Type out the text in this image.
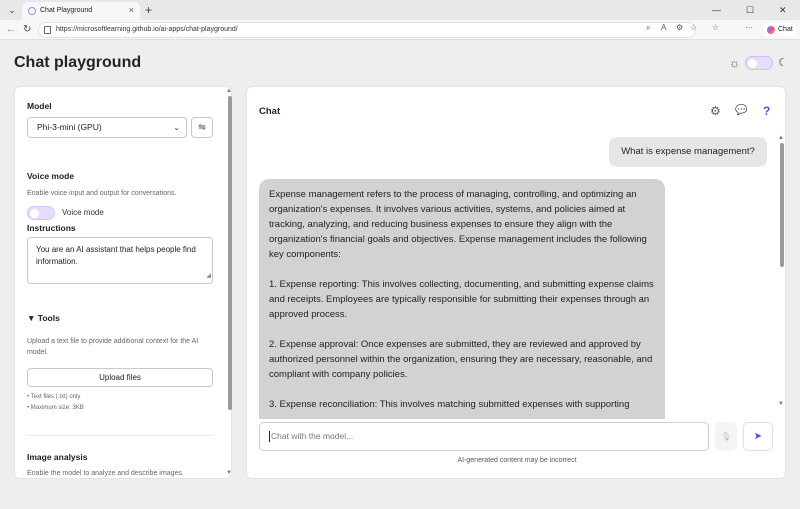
⌄	Chat Playground	× +	—	☐	✕
← ↻	https://microsoftlearning.github.io/ai-apps/chat-playground/	⌕ A ⚙ ☆ ☆	···	Chat
Chat playground	☼	☾
Model
Phi-3-mini (GPU)	⌄	⇋
Voice mode
Enable voice input and output for conversations.
Voice mode
Instructions
You are an AI assistant that helps people find information.
◢
▼ Tools
Upload a text file to provide additional context for the AI model.
Upload files
• Text files (.txt) only
• Maximum size: 3KB
Image analysis
Enable the model to analyze and describe images.
▲
▼
Chat	⚙ 💬 ?
What is expense management?

Expense management refers to the process of managing, controlling, and optimizing an organization's expenses. It involves various activities, systems, and policies aimed at tracking, analyzing, and reducing business expenses to ensure they align with the organization's financial goals and objectives. Expense management includes the following key components:

1. Expense reporting: This involves collecting, documenting, and submitting expense claims and receipts. Employees are typically responsible for submitting their expenses through an approved process.

2. Expense approval: Once expenses are submitted, they are reviewed and approved by authorized personnel within the organization, ensuring they are necessary, reasonable, and compliant with company policies.

3. Expense reconciliation: This involves matching submitted expenses with supporting

▲
▼
Chat with the model...	🎙	➤
AI-generated content may be incorrect
